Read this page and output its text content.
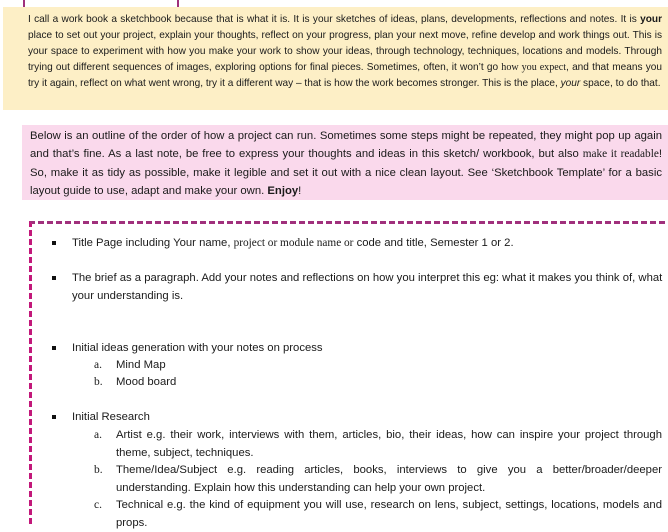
I call a work book a sketchbook because that is what it is. It is your sketches of ideas, plans, developments, reflections and notes. It is your place to set out your project, explain your thoughts, reflect on your progress, plan your next move, refine develop and work things out. This is your space to experiment with how you make your work to show your ideas, through technology, techniques, locations and models. Through trying out different sequences of images, exploring options for final pieces. Sometimes, often, it won’t go how you expect, and that means you try it again, reflect on what went wrong, try it a different way – that is how the work becomes stronger. This is the place, your space, to do that.

Below is an outline of the order of how a project can run. Sometimes some steps might be repeated, they might pop up again and that’s fine. As a last note, be free to express your thoughts and ideas in this sketch/ workbook, but also make it readable! So, make it as tidy as possible, make it legible and set it out with a nice clean layout. See ‘Sketchbook Template’ for a basic layout guide to use, adapt and make your own. Enjoy!

Title Page including Your name, project or module name or code and title, Semester 1 or 2.

The brief as a paragraph. Add your notes and reflections on how you interpret this eg: what it makes you think of, what your understanding is.

Initial ideas generation with your notes on process

a. Mind Map

b. Mood board

Initial Research

a. Artist e.g. their work, interviews with them, articles, bio, their ideas, how can inspire your project through theme, subject, techniques.

b. Theme/Idea/Subject e.g. reading articles, books, interviews to give you a better/broader/deeper understanding. Explain how this understanding can help your own project.

c. Technical e.g. the kind of equipment you will use, research on lens, subject, settings, locations, models and props.
